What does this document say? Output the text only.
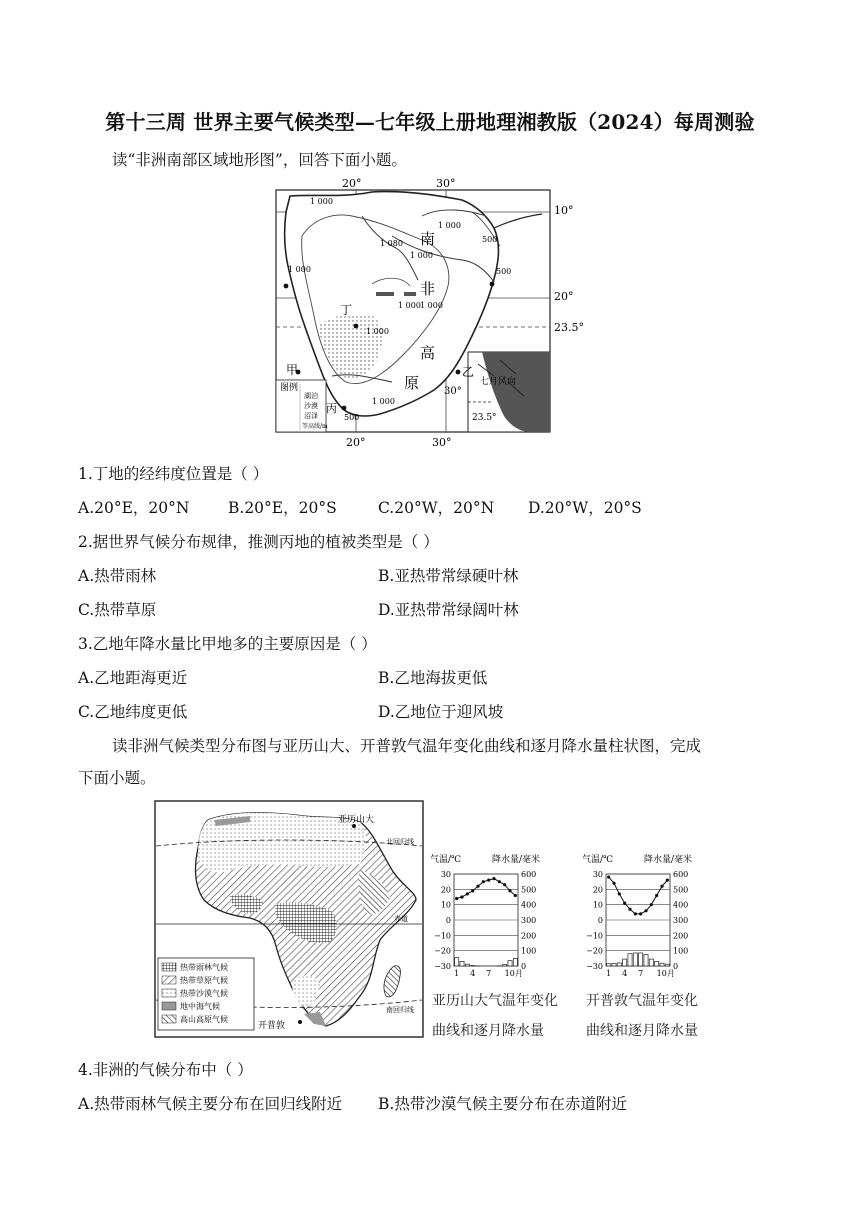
第十三周 世界主要气候类型—七年级上册地理湘教版（2024）每周测验
读“非洲南部区域地形图”，回答下面小题。
20°	30°
20°	30°
10°
20°
23.5°
南
非
高
原
甲
丁
乙
丙
1 000
1 000
1 080
1 000
1 000
500
500
1 000
1 000
1 000
500
1 000
图例
湖泊
沙漠
沼泽
等高线/m
七月风向
23.5°
30°
1.丁地的经纬度位置是（ ）
A.20°E，20°N B.20°E，20°S	C.20°W，20°N D.20°W，20°S
2.据世界气候分布规律，推测丙地的植被类型是（ ）
A.热带雨林	B.亚热带常绿硬叶林
C.热带草原	D.亚热带常绿阔叶林
3.乙地年降水量比甲地多的主要原因是（ ）
A.乙地距海更近	B.乙地海拔更低
C.乙地纬度更低	D.乙地位于迎风坡
读非洲气候类型分布图与亚历山大、开普敦气温年变化曲线和逐月降水量柱状图，完成
下面小题。
亚历山大
开普敦
北回归线
赤道
南回归线
热带雨林气候
热带草原气候
热带沙漠气候
地中海气候
高山高原气候
气温/℃	降水量/毫米
30	600
20	500
10	400
0	300
−10	200
−20	100
−30	0
1 4 7 10月
气温/℃	降水量/毫米
30	600
20	500
10	400
0	300
−10	200
−20	100
−30	0
1 4 7 10月
亚历山大气温年变化
曲线和逐月降水量
开普敦气温年变化
曲线和逐月降水量
4.非洲的气候分布中（ ）
A.热带雨林气候主要分布在回归线附近 B.热带沙漠气候主要分布在赤道附近
